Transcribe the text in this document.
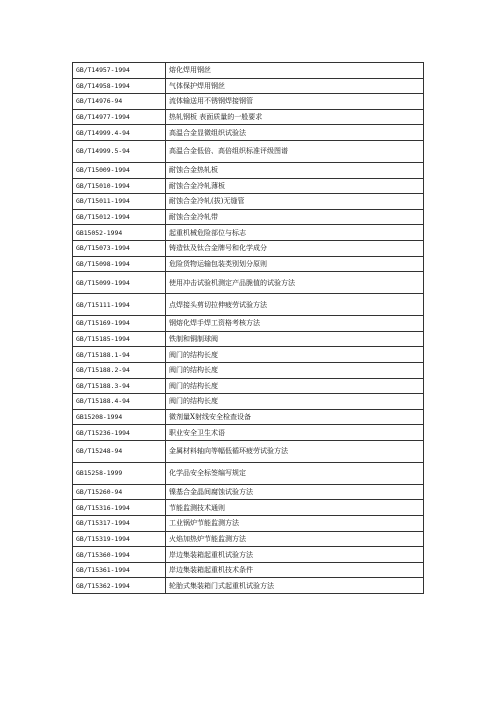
GB/T14957-1994	熔化焊用钢丝
GB/T14958-1994	气体保护焊用钢丝
GB/T14976-94	流体输送用不锈钢焊接钢管
GB/T14977-1994	热轧钢板 表面质量的一般要求
GB/T14999.4-94	高温合金显微组织试验法
GB/T14999.5-94	高温合金低倍、高倍组织标准评级图谱
GB/T15009-1994	耐蚀合金热轧板
GB/T15010-1994	耐蚀合金冷轧薄板
GB/T15011-1994	耐蚀合金冷轧(拔)无缝管
GB/T15012-1994	耐蚀合金冷轧带
GB15052-1994	起重机械危险部位与标志
GB/T15073-1994	铸造钛及钛合金牌号和化学成分
GB/T15098-1994	危险货物运输包装类别划分原则
GB/T15099-1994	使用冲击试验机测定产品脆值的试验方法
GB/T15111-1994	点焊接头剪切拉伸疲劳试验方法
GB/T15169-1994	钢熔化焊手焊工资格考核方法
GB/T15185-1994	铁制和铜制球阀
GB/T15188.1-94	阀门的结构长度
GB/T15188.2-94	阀门的结构长度
GB/T15188.3-94	阀门的结构长度
GB/T15188.4-94	阀门的结构长度
GB15208-1994	微剂量X射线安全检查设备
GB/T15236-1994	职业安全卫生术语
GB/T15248-94	金属材料轴向等幅低循环疲劳试验方法
GB15258-1999	化学品安全标签编写规定
GB/T15260-94	镍基合金晶间腐蚀试验方法
GB/T15316-1994	节能监测技术通则
GB/T15317-1994	工业锅炉节能监测方法
GB/T15319-1994	火焰加热炉节能监测方法
GB/T15360-1994	岸边集装箱起重机试验方法
GB/T15361-1994	岸边集装箱起重机技术条件
GB/T15362-1994	轮胎式集装箱门式起重机试验方法
